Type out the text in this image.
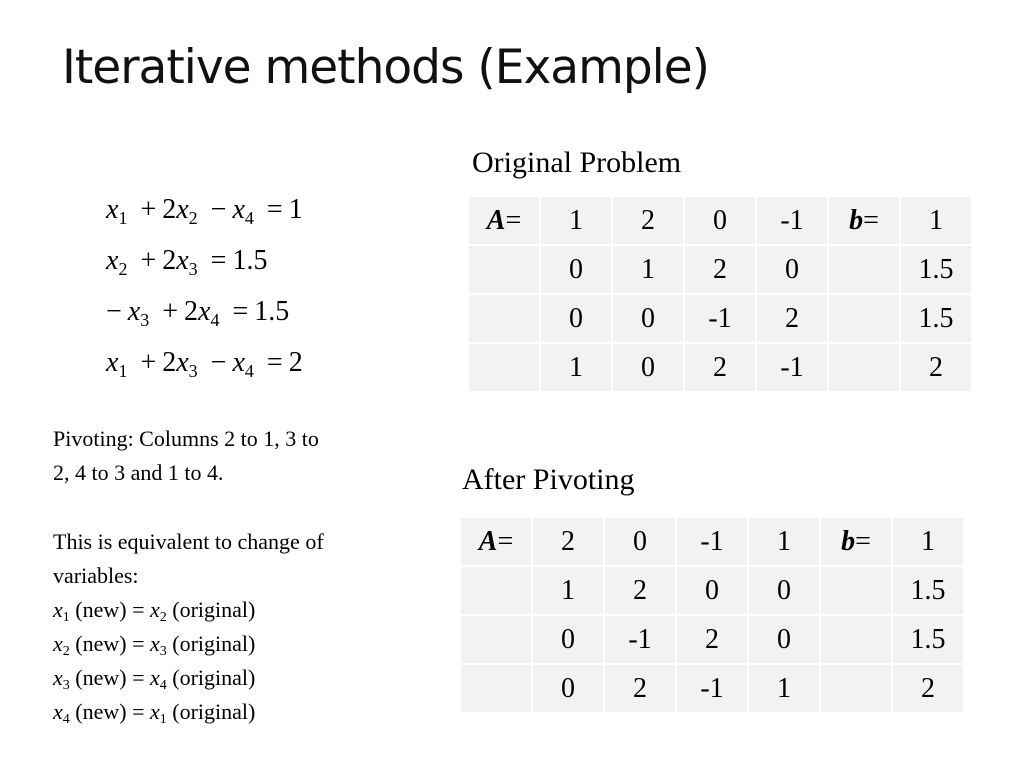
Iterative methods (Example)
$x_1 + 2x_2 - x_4 = 1$
$x_2 + 2x_3 = 1.5$
− $x_3 + 2x_4 = 1.5$
$x_1 + 2x_3 - x_4 = 2$
Original Problem
A=	1	2	0	-1	b=	1
	0	1	2	0		1.5
	0	0	-1	2		1.5
	1	0	2	-1		2
After Pivoting
A=	2	0	-1	1	b=	1
	1	2	0	0		1.5
	0	-1	2	0		1.5
	0	2	-1	1		2
Pivoting: Columns 2 to 1, 3 to
2, 4 to 3 and 1 to 4.
This is equivalent to change of
variables:
$x_1$ $(new) = x_2$ (original)
$x_2$ $(new) = x_3$ (original)
$x_3$ $(new) = x_4$ (original)
$x_4$ $(new) = x_1$ (original)
